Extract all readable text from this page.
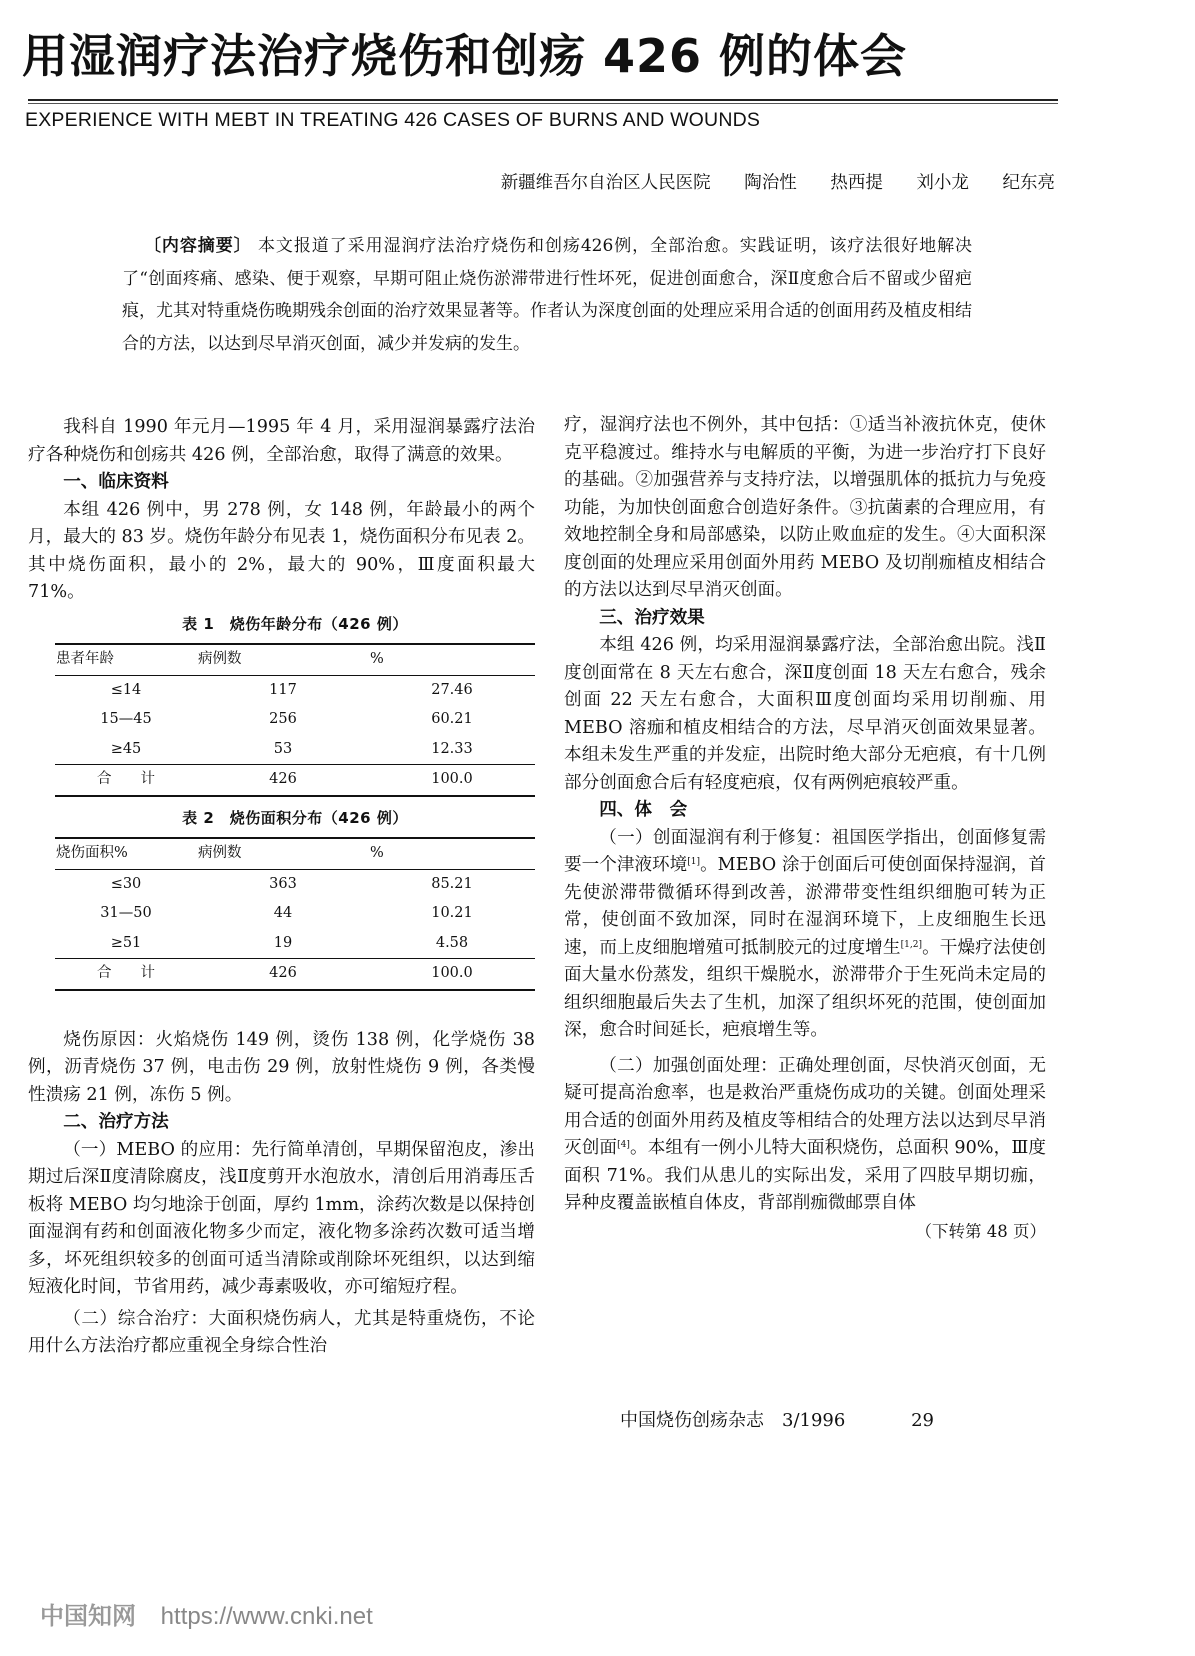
用湿润疗法治疗烧伤和创疡 426 例的体会
EXPERIENCE WITH MEBT IN TREATING 426 CASES OF BURNS AND WOUNDS
新疆维吾尔自治区人民医院 陶治性 热西提 刘小龙 纪东亮
〔内容摘要〕 本文报道了采用湿润疗法治疗烧伤和创疡426例，全部治愈。实践证明，该疗法很好地解决了“创面疼痛、感染、便于观察，早期可阻止烧伤淤滞带进行性坏死，促进创面愈合，深Ⅱ度愈合后不留或少留疤痕，尤其对特重烧伤晚期残余创面的治疗效果显著等。作者认为深度创面的处理应采用合适的创面用药及植皮相结合的方法，以达到尽早消灭创面，减少并发病的发生。

我科自 1990 年元月—1995 年 4 月，采用湿润暴露疗法治疗各种烧伤和创疡共 426 例，全部治愈，取得了满意的效果。

一、临床资料

本组 426 例中，男 278 例，女 148 例，年龄最小的两个月，最大的 83 岁。烧伤年龄分布见表 1，烧伤面积分布见表 2。其中烧伤面积，最小的 2%，最大的 90%，Ⅲ度面积最大 71%。

表 1　烧伤年龄分布（426 例）
患者年龄	病例数	%
≤14	117	27.46
15—45	256	60.21
≥45	53	12.33
合　　计	426	100.0
表 2　烧伤面积分布（426 例）
烧伤面积%	病例数	%
≤30	363	85.21
31—50	44	10.21
≥51	19	4.58
合　　计	426	100.0

烧伤原因：火焰烧伤 149 例，烫伤 138 例，化学烧伤 38 例，沥青烧伤 37 例，电击伤 29 例，放射性烧伤 9 例，各类慢性溃疡 21 例，冻伤 5 例。

二、治疗方法

（一）MEBO 的应用：先行简单清创，早期保留泡皮，渗出期过后深Ⅱ度清除腐皮，浅Ⅱ度剪开水泡放水，清创后用消毒压舌板将 MEBO 均匀地涂于创面，厚约 1mm，涂药次数是以保持创面湿润有药和创面液化物多少而定，液化物多涂药次数可适当增多，坏死组织较多的创面可适当清除或削除坏死组织，以达到缩短液化时间，节省用药，减少毒素吸收，亦可缩短疗程。

（二）综合治疗：大面积烧伤病人，尤其是特重烧伤，不论用什么方法治疗都应重视全身综合性治

疗，湿润疗法也不例外，其中包括：①适当补液抗休克，使休克平稳渡过。维持水与电解质的平衡，为进一步治疗打下良好的基础。②加强营养与支持疗法，以增强肌体的抵抗力与免疫功能，为加快创面愈合创造好条件。③抗菌素的合理应用，有效地控制全身和局部感染，以防止败血症的发生。④大面积深度创面的处理应采用创面外用药 MEBO 及切削痂植皮相结合的方法以达到尽早消灭创面。

三、治疗效果

本组 426 例，均采用湿润暴露疗法，全部治愈出院。浅Ⅱ度创面常在 8 天左右愈合，深Ⅱ度创面 18 天左右愈合，残余创面 22 天左右愈合，大面积Ⅲ度创面均采用切削痂、用 MEBO 溶痂和植皮相结合的方法，尽早消灭创面效果显著。本组未发生严重的并发症，出院时绝大部分无疤痕，有十几例部分创面愈合后有轻度疤痕，仅有两例疤痕较严重。

四、体　会

（一）创面湿润有利于修复：祖国医学指出，创面修复需要一个津液环境[1]。MEBO 涂于创面后可使创面保持湿润，首先使淤滞带微循环得到改善，淤滞带变性组织细胞可转为正常，使创面不致加深，同时在湿润环境下，上皮细胞生长迅速，而上皮细胞增殖可抵制胶元的过度增生[1,2]。干燥疗法使创面大量水份蒸发，组织干燥脱水，淤滞带介于生死尚未定局的组织细胞最后失去了生机，加深了组织坏死的范围，使创面加深，愈合时间延长，疤痕增生等。

（二）加强创面处理：正确处理创面，尽快消灭创面，无疑可提高治愈率，也是救治严重烧伤成功的关键。创面处理采用合适的创面外用药及植皮等相结合的处理方法以达到尽早消灭创面[4]。本组有一例小儿特大面积烧伤，总面积 90%，Ⅲ度面积 71%。我们从患儿的实际出发，采用了四肢早期切痂，异种皮覆盖嵌植自体皮，背部削痂微邮票自体

（下转第 48 页）
中国烧伤创疡杂志　3/1996	29
中国知网 https://www.cnki.net
